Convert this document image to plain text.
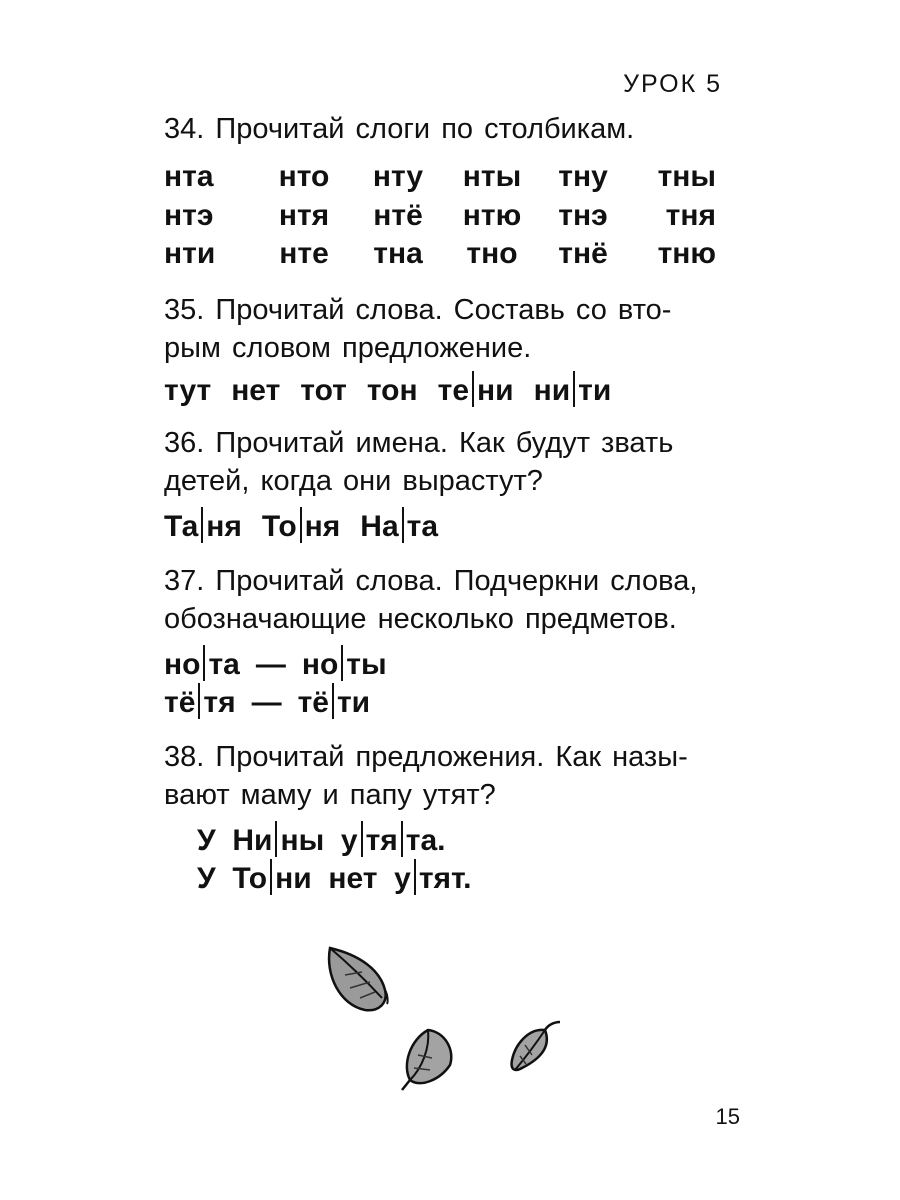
УРОК 5
34. Прочитай слоги по столбикам.
нта	нто	нту	нты	тну	тны
нтэ	нтя	нтё	нтю	тнэ	тня
нти	нте	тна	тно	тнё	тню
35. Прочитай слова. Составь со вто-
рым словом предложение.
тут нет тот тон те ни ни ти
36. Прочитай имена. Как будут звать
детей, когда они вырастут?
Та ня То ня На та
37. Прочитай слова. Подчеркни слова,
обозначающие несколько предметов.
но та — но ты
тё тя — тё ти
38. Прочитай предложения. Как назы-
вают маму и папу утят?
У Ни ны у тя та.
У То ни нет у тят.
15
